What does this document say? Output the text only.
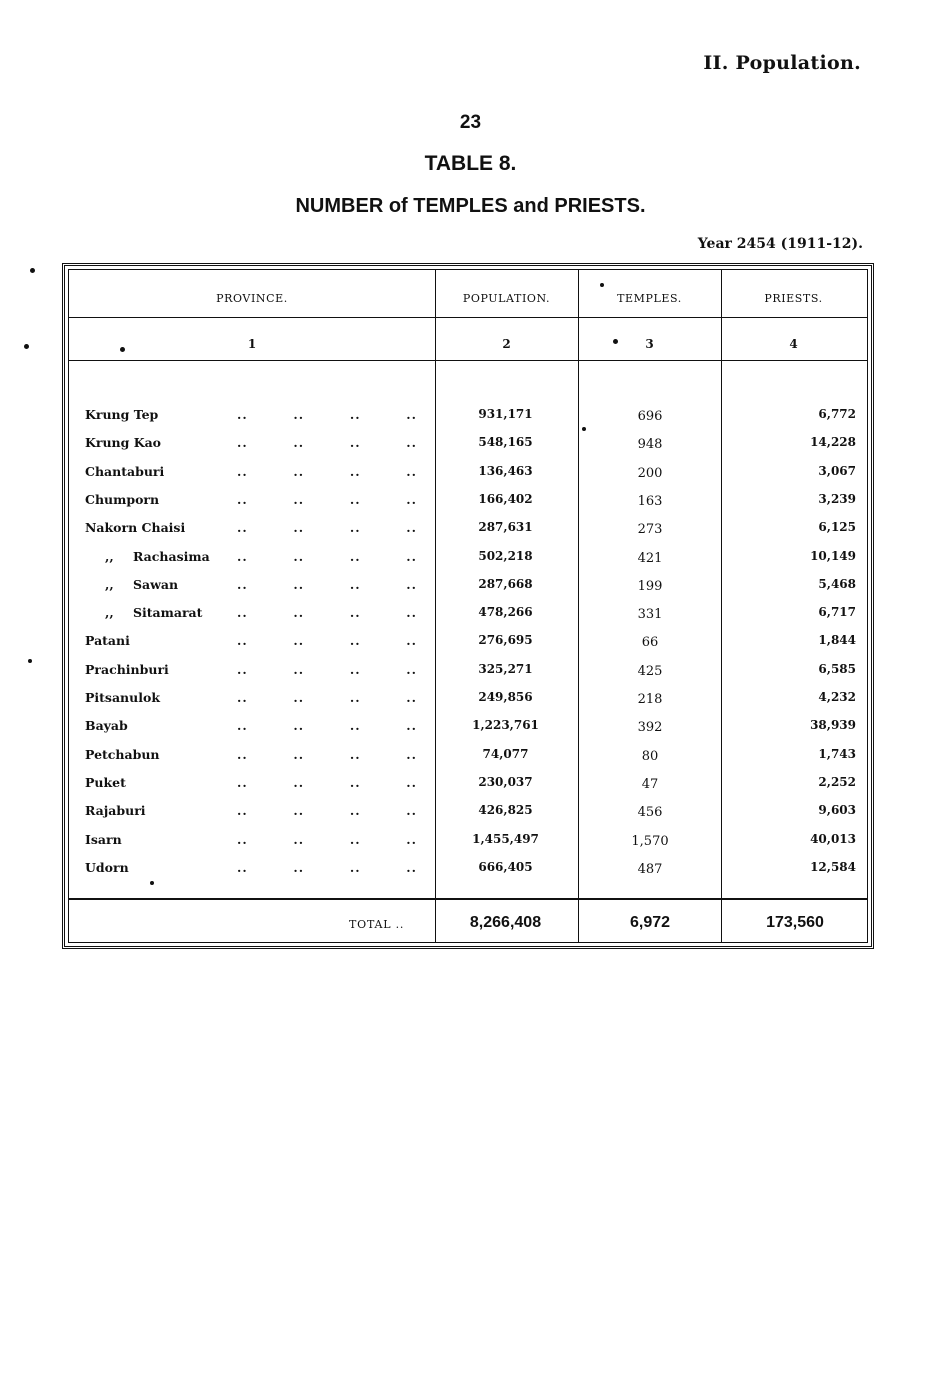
II. Population.
23
TABLE 8.
NUMBER of TEMPLES and PRIESTS.
Year 2454 (1911-12).
PROVINCE.	POPULATION.	TEMPLES.	PRIESTS.
1	2	3	4
Krung Tep	..	..	..	..	931,171	696	6,772
Krung Kao	..	..	..	..	548,165	948	14,228
Chantaburi	..	..	..	..	136,463	200	3,067
Chumporn	..	..	..	..	166,402	163	3,239
Nakorn Chaisi	..	..	..	..	287,631	273	6,125
,, Rachasima ..	..	..	..	502,218	421	10,149
,, Sawan	..	..	..	..	287,668	199	5,468
,, Sitamarat	..	..	..	..	478,266	331	6,717
Patani	..	..	..	..	276,695	66	1,844
Prachinburi	..	..	..	..	325,271	425	6,585
Pitsanulok	..	..	..	..	249,856	218	4,232
Bayab	..	..	..	..	1,223,761	392	38,939
Petchabun	..	..	..	..	74,077	80	1,743
Puket	..	..	..	..	230,037	47	2,252
Rajaburi	..	..	..	..	426,825	456	9,603
Isarn	..	..	..	..	1,455,497	1,570	40,013
Udorn	..	..	..	..	666,405	487	12,584
TOTAL ..	8,266,408	6,972	173,560
